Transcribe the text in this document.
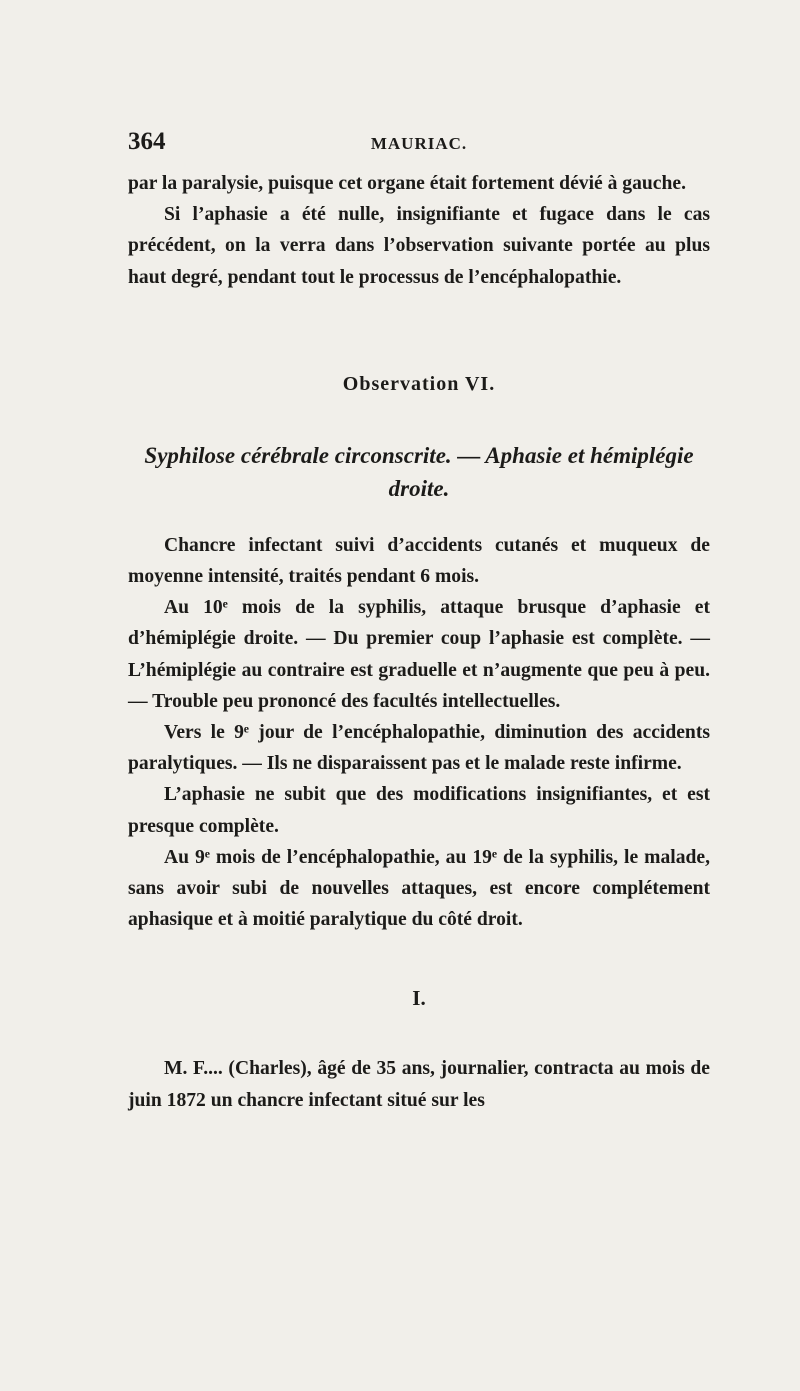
364	MAURIAC.

par la paralysie, puisque cet organe était fortement dévié à gauche.

Si l’aphasie a été nulle, insignifiante et fugace dans le cas précédent, on la verra dans l’observation suivante portée au plus haut degré, pendant tout le processus de l’encéphalopathie.

Observation VI.
Syphilose cérébrale circonscrite. — Aphasie et hémiplégie droite.

Chancre infectant suivi d’accidents cutanés et muqueux de moyenne intensité, traités pendant 6 mois.

Au 10ᵉ mois de la syphilis, attaque brusque d’aphasie et d’hémiplégie droite. — Du premier coup l’aphasie est complète. — L’hémiplégie au contraire est graduelle et n’augmente que peu à peu. — Trouble peu prononcé des facultés intellectuelles.

Vers le 9ᵉ jour de l’encéphalopathie, diminution des accidents paralytiques. — Ils ne disparaissent pas et le malade reste infirme.

L’aphasie ne subit que des modifications insignifiantes, et est presque complète.

Au 9ᵉ mois de l’encéphalopathie, au 19ᵉ de la syphilis, le malade, sans avoir subi de nouvelles attaques, est encore complétement aphasique et à moitié paralytique du côté droit.

I.

M. F.... (Charles), âgé de 35 ans, journalier, contracta au mois de juin 1872 un chancre infectant situé sur les
